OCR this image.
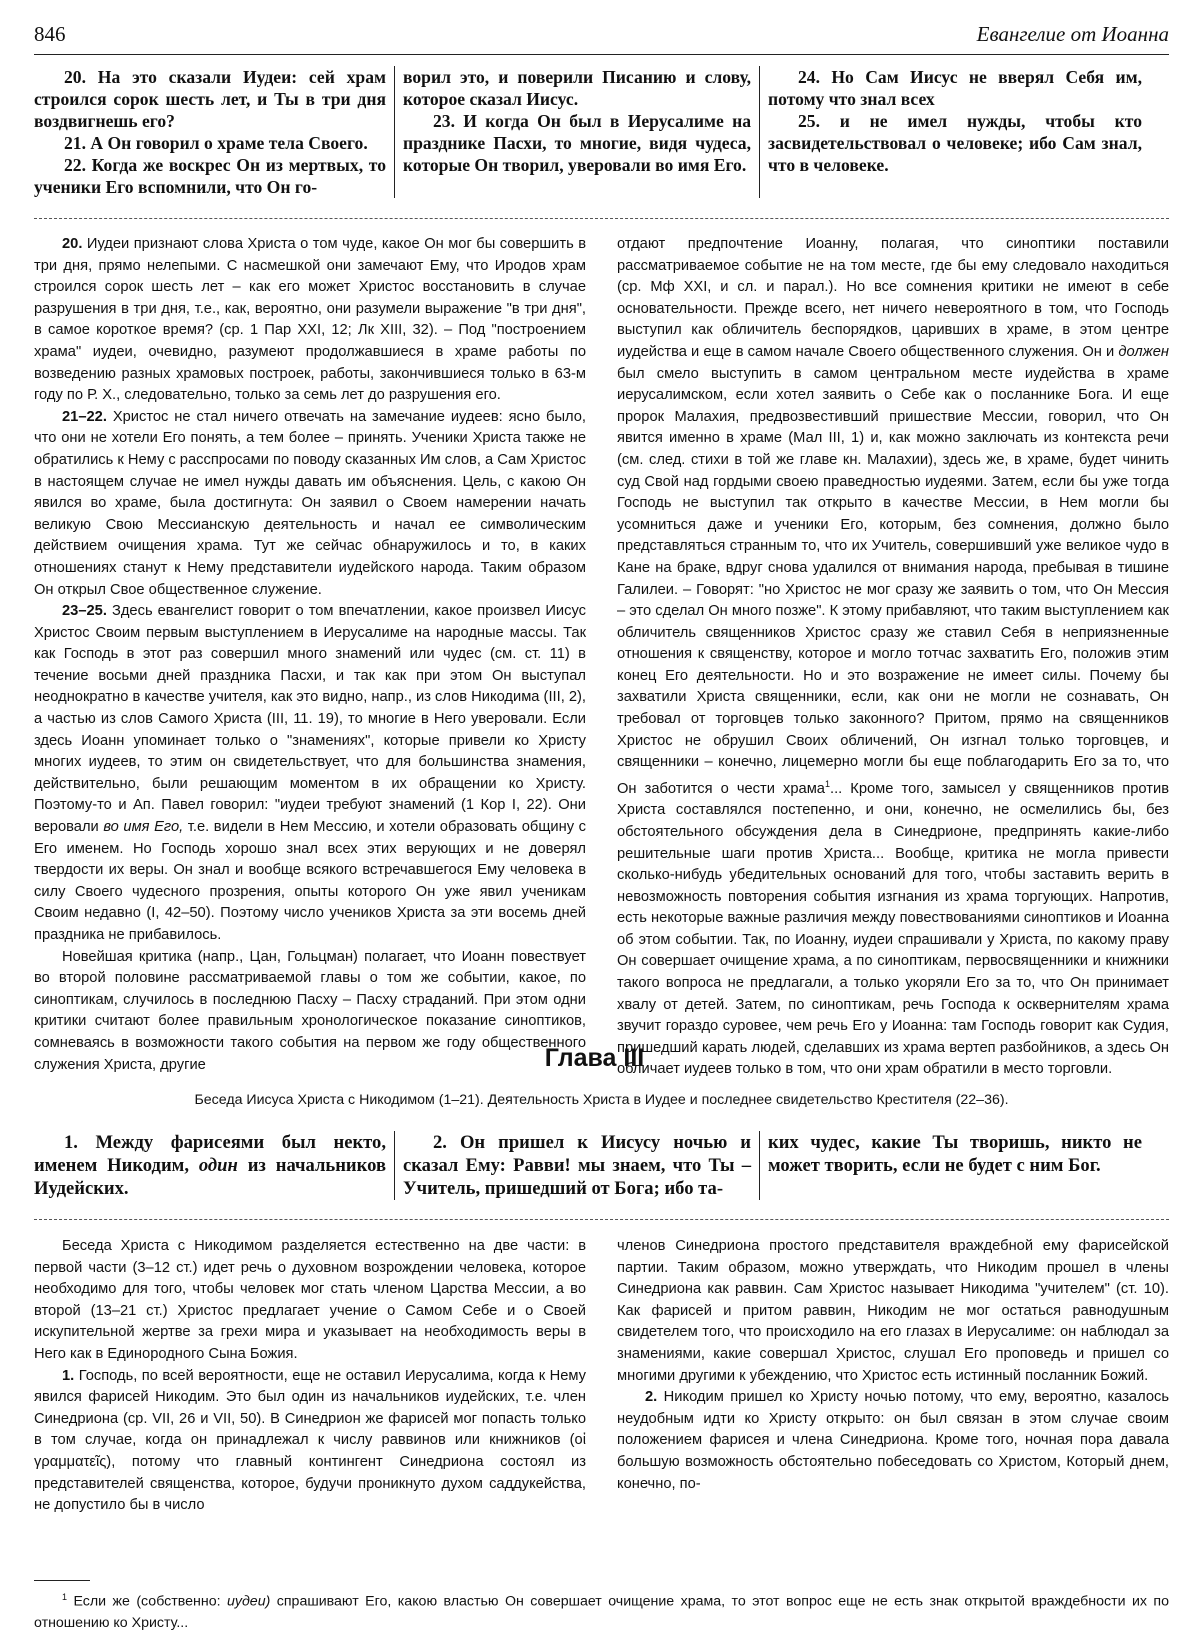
846	Евангелие от Иоанна

20. На это сказали Иудеи: сей храм строился сорок шесть лет, и Ты в три дня воздвигнешь его?

21. А Он говорил о храме тела Своего.

22. Когда же воскрес Он из мертвых, то ученики Его вспомнили, что Он го-

ворил это, и поверили Писанию и слову, которое сказал Иисус.

23. И когда Он был в Иерусалиме на празднике Пасхи, то многие, видя чудеса, которые Он творил, уверовали во имя Его.

24. Но Сам Иисус не вверял Себя им, потому что знал всех

25. и не имел нужды, чтобы кто засвидетельствовал о человеке; ибо Сам знал, что в человеке.

20. Иудеи признают слова Христа о том чуде, какое Он мог бы совершить в три дня, прямо нелепыми. С насмешкой они замечают Ему, что Иродов храм строился сорок шесть лет – как его может Христос восстановить в случае разрушения в три дня, т.е., как, вероятно, они разумели выражение "в три дня", в самое короткое время? (ср. 1 Пар XXI, 12; Лк XIII, 32). – Под "построением храма" иудеи, очевидно, разумеют продолжавшиеся в храме работы по возведению разных храмовых построек, работы, закончившиеся только в 63-м году по Р. Х., следовательно, только за семь лет до разрушения его.

21–22. Христос не стал ничего отвечать на замечание иудеев: ясно было, что они не хотели Его понять, а тем более – принять. Ученики Христа также не обратились к Нему с расспросами по поводу сказанных Им слов, а Сам Христос в настоящем случае не имел нужды давать им объяснения. Цель, с какою Он явился во храме, была достигнута: Он заявил о Своем намерении начать великую Свою Мессианскую деятельность и начал ее символическим действием очищения храма. Тут же сейчас обнаружилось и то, в каких отношениях станут к Нему представители иудейского народа. Таким образом Он открыл Свое общественное служение.

23–25. Здесь евангелист говорит о том впечатлении, какое произвел Иисус Христос Своим первым выступлением в Иерусалиме на народные массы. Так как Господь в этот раз совершил много знамений или чудес (см. ст. 11) в течение восьми дней праздника Пасхи, и так как при этом Он выступал неоднократно в качестве учителя, как это видно, напр., из слов Никодима (III, 2), а частью из слов Самого Христа (III, 11. 19), то многие в Него уверовали. Если здесь Иоанн упоминает только о "знамениях", которые привели ко Христу многих иудеев, то этим он свидетельствует, что для большинства знамения, действительно, были решающим моментом в их обращении ко Христу. Поэтому-то и Ап. Павел говорил: "иудеи требуют знамений (1 Кор I, 22). Они веровали во имя Его, т.е. видели в Нем Мессию, и хотели образовать общину с Его именем. Но Господь хорошо знал всех этих верующих и не доверял твердости их веры. Он знал и вообще всякого встречавшегося Ему человека в силу Своего чудесного прозрения, опыты которого Он уже явил ученикам Своим недавно (I, 42–50). Поэтому число учеников Христа за эти восемь дней праздника не прибавилось.

Новейшая критика (напр., Цан, Гольцман) полагает, что Иоанн повествует во второй половине рассматриваемой главы о том же событии, какое, по синоптикам, случилось в последнюю Пасху – Пасху страданий. При этом одни критики считают более правильным хронологическое показание синоптиков, сомневаясь в возможности такого события на первом же году общественного служения Христа, другие

отдают предпочтение Иоанну, полагая, что синоптики поставили рассматриваемое событие не на том месте, где бы ему следовало находиться (ср. Мф XXI, и сл. и парал.). Но все сомнения критики не имеют в себе основательности. Прежде всего, нет ничего невероятного в том, что Господь выступил как обличитель беспорядков, царивших в храме, в этом центре иудейства и еще в самом начале Своего общественного служения. Он и должен был смело выступить в самом центральном месте иудейства в храме иерусалимском, если хотел заявить о Себе как о посланнике Бога. И еще пророк Малахия, предвозвестивший пришествие Мессии, говорил, что Он явится именно в храме (Мал III, 1) и, как можно заключать из контекста речи (см. след. стихи в той же главе кн. Малахии), здесь же, в храме, будет чинить суд Свой над гордыми своею праведностью иудеями. Затем, если бы уже тогда Господь не выступил так открыто в качестве Мессии, в Нем могли бы усомниться даже и ученики Его, которым, без сомнения, должно было представляться странным то, что их Учитель, совершивший уже великое чудо в Кане на браке, вдруг снова удалился от внимания народа, пребывая в тишине Галилеи. – Говорят: "но Христос не мог сразу же заявить о том, что Он Мессия – это сделал Он много позже". К этому прибавляют, что таким выступлением как обличитель священников Христос сразу же ставил Себя в неприязненные отношения к священству, которое и могло тотчас захватить Его, положив этим конец Его деятельности. Но и это возражение не имеет силы. Почему бы захватили Христа священники, если, как они не могли не сознавать, Он требовал от торговцев только законного? Притом, прямо на священников Христос не обрушил Своих обличений, Он изгнал только торговцев, и священники – конечно, лицемерно могли бы еще поблагодарить Его за то, что Он заботится о чести храма$^1$... Кроме того, замысел у священников против Христа составлялся постепенно, и они, конечно, не осмелились бы, без обстоятельного обсуждения дела в Синедрионе, предпринять какие-либо решительные шаги против Христа... Вообще, критика не могла привести сколько-нибудь убедительных оснований для того, чтобы заставить верить в невозможность повторения события изгнания из храма торгующих. Напротив, есть некоторые важные различия между повествованиями синоптиков и Иоанна об этом событии. Так, по Иоанну, иудеи спрашивали у Христа, по какому праву Он совершает очищение храма, а по синоптикам, первосвященники и книжники такого вопроса не предлагали, а только укоряли Его за то, что Он принимает хвалу от детей. Затем, по синоптикам, речь Господа к осквернителям храма звучит гораздо суровее, чем речь Его у Иоанна: там Господь говорит как Судия, пришедший карать людей, сделавших из храма вертеп разбойников, а здесь Он обличает иудеев только в том, что они храм обратили в место торговли.

Глава III
Беседа Иисуса Христа с Никодимом (1–21). Деятельность Христа в Иудее и последнее свидетельство Крестителя (22–36).

1. Между фарисеями был некто, именем Никодим, один из начальников Иудейских.

2. Он пришел к Иисусу ночью и сказал Ему: Равви! мы знаем, что Ты – Учитель, пришедший от Бога; ибо та-

ких чудес, какие Ты творишь, никто не может творить, если не будет с ним Бог.

Беседа Христа с Никодимом разделяется естественно на две части: в первой части (3–12 ст.) идет речь о духовном возрождении человека, которое необходимо для того, чтобы человек мог стать членом Царства Мессии, а во второй (13–21 ст.) Христос предлагает учение о Самом Себе и о Своей искупительной жертве за грехи мира и указывает на необходимость веры в Него как в Единородного Сына Божия.

1. Господь, по всей вероятности, еще не оставил Иерусалима, когда к Нему явился фарисей Никодим. Это был один из начальников иудейских, т.е. член Синедриона (ср. VII, 26 и VII, 50). В Синедрион же фарисей мог попасть только в том случае, когда он принадлежал к числу раввинов или книжников (οἱ γραμματεῖς), потому что главный контингент Синедриона состоял из представителей священства, которое, будучи проникнуто духом саддукейства, не допустило бы в число

членов Синедриона простого представителя враждебной ему фарисейской партии. Таким образом, можно утверждать, что Никодим прошел в члены Синедриона как раввин. Сам Христос называет Никодима "учителем" (ст. 10). Как фарисей и притом раввин, Никодим не мог остаться равнодушным свидетелем того, что происходило на его глазах в Иерусалиме: он наблюдал за знамениями, какие совершал Христос, слушал Его проповедь и пришел со многими другими к убеждению, что Христос есть истинный посланник Божий.

2. Никодим пришел ко Христу ночью потому, что ему, вероятно, казалось неудобным идти ко Христу открыто: он был связан в этом случае своим положением фарисея и члена Синедриона. Кроме того, ночная пора давала большую возможность обстоятельно побеседовать со Христом, Который днем, конечно, по-

$^1$ Если же (собственно: иудеи) спрашивают Его, какою властью Он совершает очищение храма, то этот вопрос еще не есть знак открытой враждебности их по отношению ко Христу...
